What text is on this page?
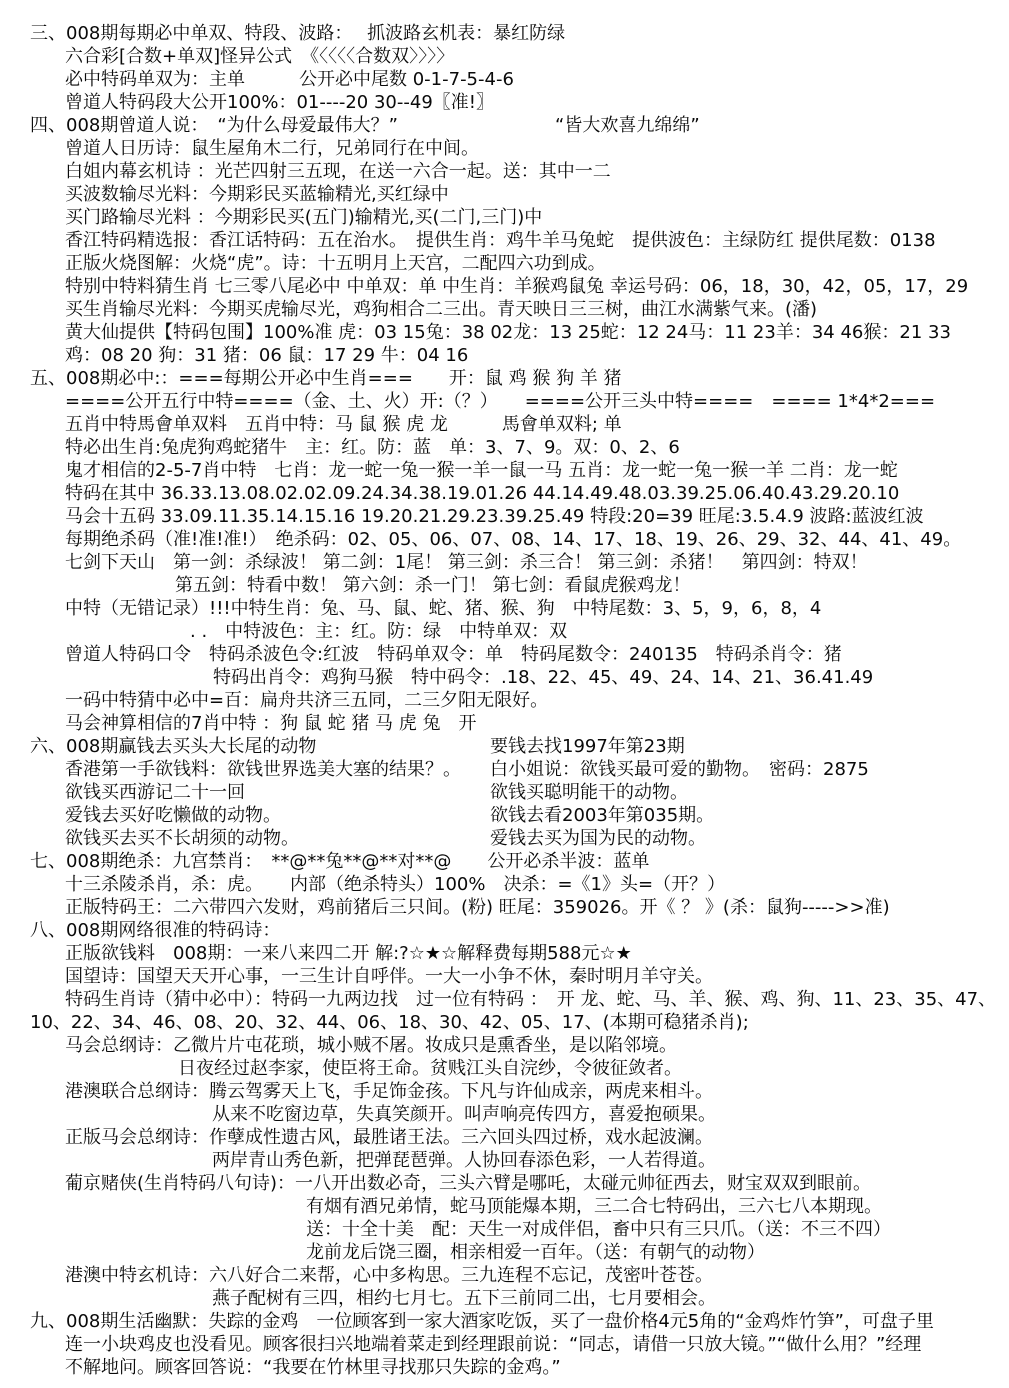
三、008期每期必中单双、特段、波路：　 抓波路玄机表：暴红防绿
六合彩[合数+单双]怪异公式　《〈〈〈〈合数双〉〉〉〉
必中特码单双为：主单　　　公开必中尾数 0-1-7-5-4-6
曾道人特码段大公开100%：01----20 30--49〖准!〗
四、008期曾道人说：　“为什么母爱最伟大？”	“皆大欢喜九绵绵”
曾道人日历诗：鼠生屋角木二行，兄弟同行在中间。
白姐内幕玄机诗 ：光芒四射三五现，在送一六合一起。送：其中一二
买波数输尽光料：今期彩民买蓝输精光,买红绿中
买门路输尽光料 ：今期彩民买(五门)输精光,买(二门,三门)中
香江特码精选报：香江话特码：五在治水。　提供生肖：鸡牛羊马兔蛇　提供波色：主绿防红 提供尾数：0138
正版火烧图解：火烧“虎”。诗：十五明月上天宫，二配四六功到成。
特别中特料猜生肖 七三零八尾必中 中单双：单 中生肖：羊猴鸡鼠兔 幸运号码：06，18，30，42，05，17，29
买生肖输尽光料：今期买虎输尽光，鸡狗相合二三出。青天映日三三树，曲江水满紫气来。(潘)
黄大仙提供【特码包围】100%准 虎：03 15兔：38 02龙：13 25蛇：12 24马：11 23羊：34 46猴：21 33
鸡：08 20 狗：31 猪：06 鼠：17 29 牛：04 16
五、008期必中:：===每期公开必中生肖===　　开：鼠 鸡 猴 狗 羊 猪
====公开五行中特====（金、土、火）开:（？）　　====公开三头中特====　==== 1*4*2===
五肖中特馬會单双料　五肖中特：马 鼠 猴 虎 龙　　　馬會单双料; 单
特必出生肖:兔虎狗鸡蛇猪牛　主：红。防：蓝　单：3、7、9。双：0、2、6
鬼才相信的2-5-7肖中特　七肖：龙一蛇一兔一猴一羊一鼠一马 五肖：龙一蛇一兔一猴一羊 二肖：龙一蛇
特码在其中 36.33.13.08.02.02.09.24.34.38.19.01.26 44.14.49.48.03.39.25.06.40.43.29.20.10
马会十五码 33.09.11.35.14.15.16 19.20.21.29.23.39.25.49 特段:20=39 旺尾:3.5.4.9 波路:蓝波红波
每期绝杀码（准!准!准!）　绝杀码：02、05、06、07、08、14、17、18、19、26、29、32、44、41、49。
七剑下天山　第一剑：杀绿波！ 第二剑：1尾！ 第三剑：杀三合！ 第三剑：杀猪！　第四剑：特双！
第五剑：特看中数！ 第六剑：杀一门！ 第七剑：看鼠虎猴鸡龙！
中特（无错记录）!!!中特生肖：兔、马、鼠、蛇、猪、猴、狗　中特尾数：3、5，9，6，8，4
. .　中特波色：主：红。防：绿　中特单双：双
曾道人特码口令　特码杀波色令:红波　特码单双令：单　特码尾数令：240135　特码杀肖令：猪
特码出肖令：鸡狗马猴　特中码令：.18、22、45、49、24、14、21、36.41.49
一码中特猜中必中=百：扁舟共济三五同，二三夕阳无限好。
马会神算相信的7肖中特 ：狗 鼠 蛇 猪 马 虎 兔　开
六、008期赢钱去买头大长尾的动物	要钱去找1997年第23期
香港第一手欲钱料：欲钱世界选美大塞的结果？。 白小姐说：欲钱买最可爱的勤物。　密码：2875
欲钱买西游记二十一回	欲钱买聪明能干的动物。
爱钱去买好吃懒做的动物。	欲钱去看2003年第035期。
欲钱买去买不长胡须的动物。	爱钱去买为国为民的动物。
七、008期绝杀：九宫禁肖：　**@**兔**@**对**@　　公开必杀半波：蓝单
十三杀陵杀肖，杀：虎。　　内部（绝杀特头）100%　决杀：=《1》头=（开？）
正版特码王：二六带四六发财，鸡前猪后三只间。(粉) 旺尾：359026。开《 ？ 》(杀：鼠狗----->>准)
八、008期网络很准的特码诗：
正版欲钱料　008期：一来八来四二开 解:?☆★☆解释费每期588元☆★
国望诗：国望天天开心事，一三生计自呼伴。一大一小争不休，秦时明月羊守关。
特码生肖诗（猜中必中）：特码一九两边找　过一位有特码 ：　开 龙、蛇、马、羊、猴、鸡、狗、11、23、35、47、
10、22、34、46、08、20、32、44、06、18、30、42、05、17、(本期可稳猪杀肖);
马会总纲诗：乙微片片屯花琐，城小贼不屠。妆成只是熏香坐，是以陷邻境。
日夜经过赵李家，使臣将王命。贫贱江头自浣纱，令彼征敛者。
港澳联合总纲诗：腾云驾雾天上飞，手足饰金孩。下凡与许仙成亲，两虎来相斗。
从来不吃窗边草，失真笑颜开。叫声响亮传四方，喜爱抱硕果。
正版马会总纲诗：作孽成性遗古风，最胜诸王法。三六回头四过桥，戏水起波澜。
两岸青山秀色新，把弹琵琶弹。人协回春添色彩，一人若得道。
葡京赌侠(生肖特码八句诗)：一八开出数必奇，三头六臂是哪吒，太碰元帅征西去，财宝双双到眼前。
有烟有酒兄弟情，蛇马顶能爆本期，三二合七特码出，三六七八本期现。
送：十全十美　配：天生一对成伴侣，畜中只有三只爪。（送：不三不四）
龙前龙后饶三圈，相亲相爱一百年。（送：有朝气的动物）
港澳中特玄机诗：六八好合二来帮，心中多构思。三九连程不忘记，茂密叶苍苍。
燕子配树有三四，相约七月七。五下三前同二出，七月要相会。
九、008期生活幽默：失踪的金鸡　一位顾客到一家大酒家吃饭，买了一盘价格4元5角的“金鸡炸竹笋”，可盘子里
连一小块鸡皮也没看见。顾客很扫兴地端着菜走到经理跟前说：“同志，请借一只放大镜。”“做什么用？”经理
不解地问。顾客回答说：“我要在竹林里寻找那只失踪的金鸡。”
